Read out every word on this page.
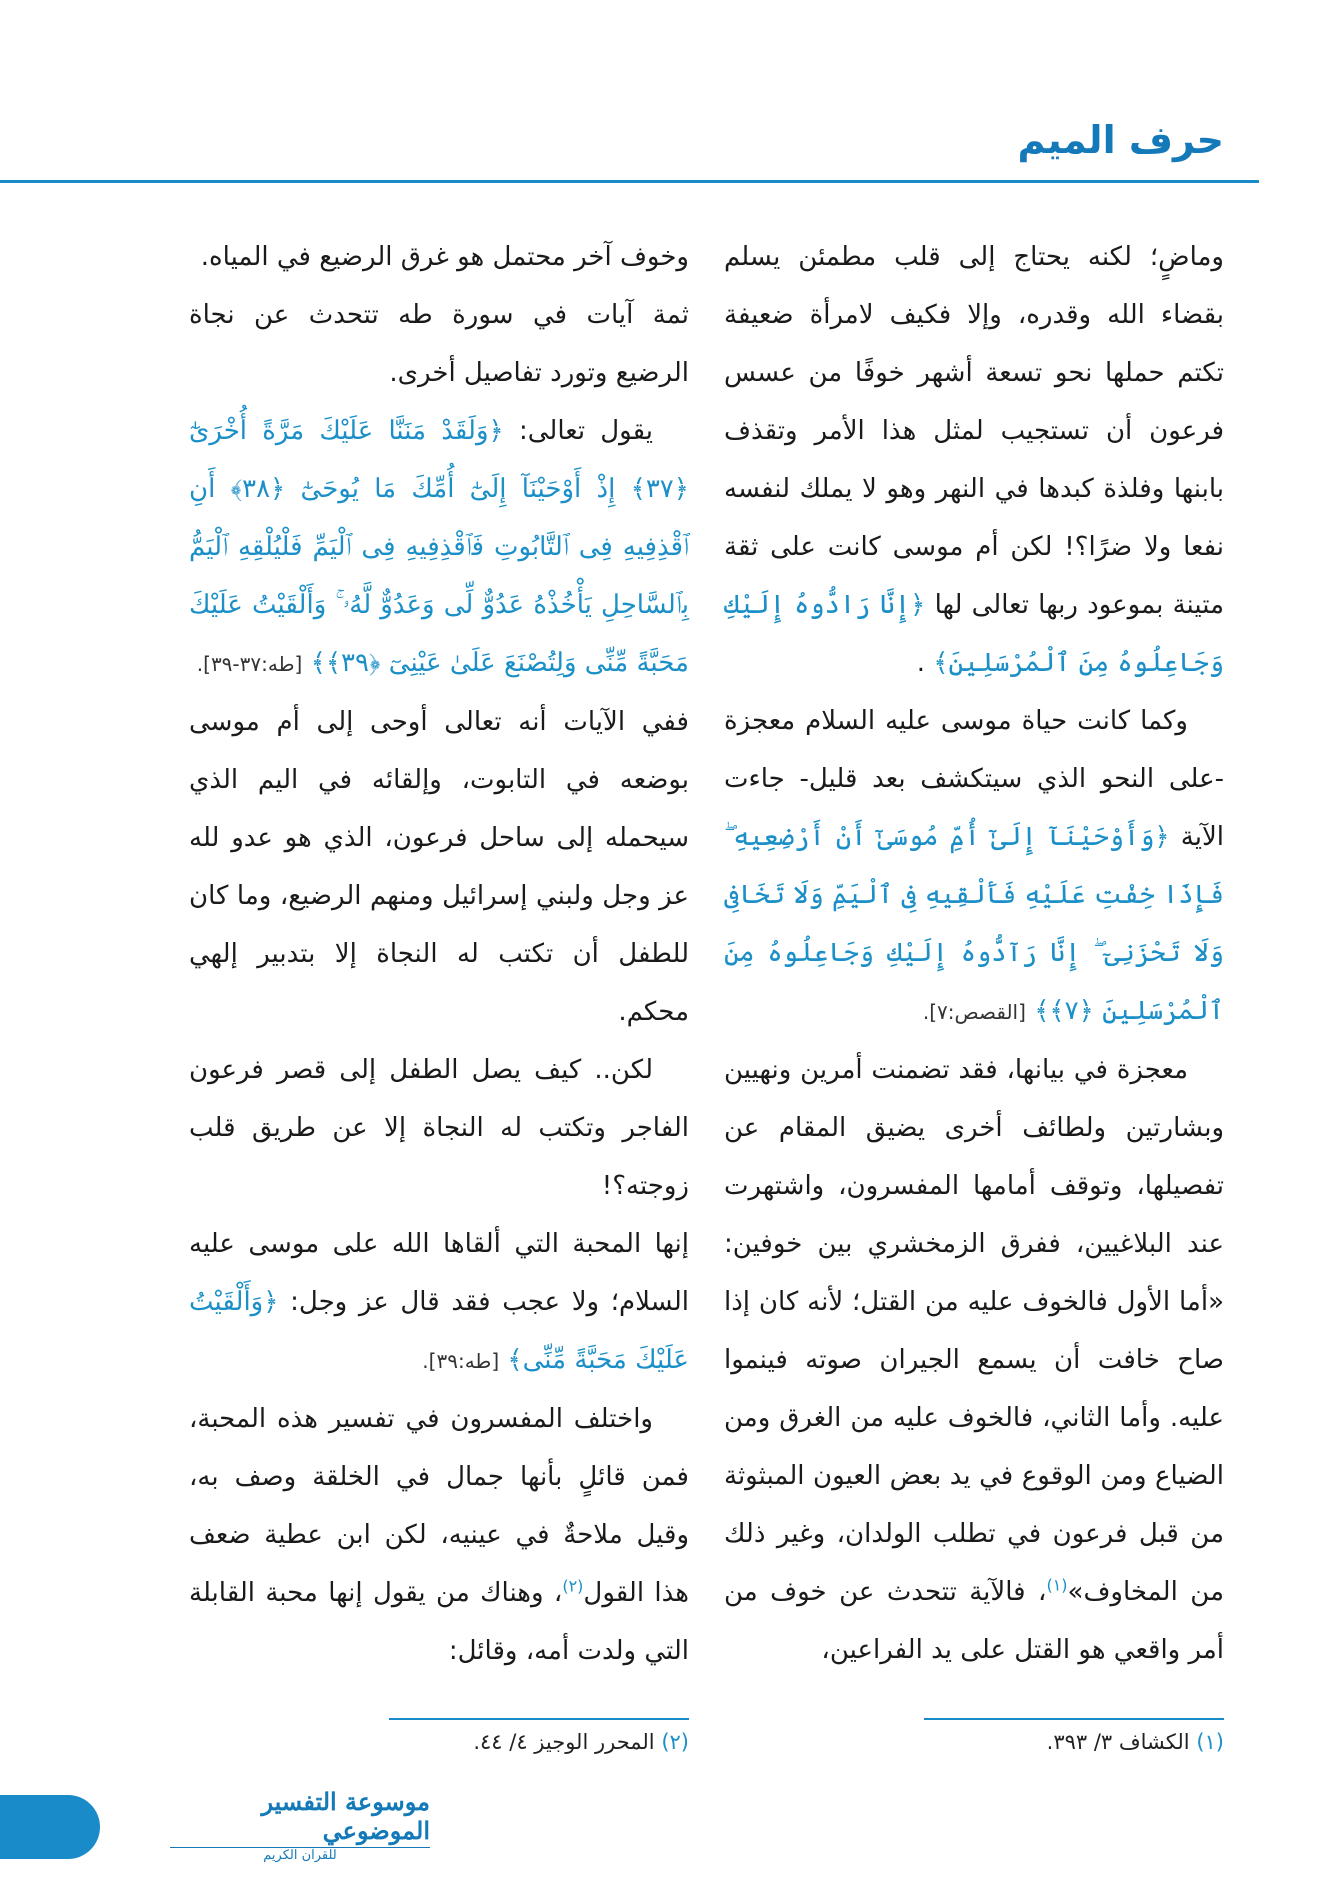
حرف الميم

وماضٍ؛ لكنه يحتاج إلى قلب مطمئن يسلم بقضاء الله وقدره، وإلا فكيف لامرأة ضعيفة تكتم حملها نحو تسعة أشهر خوفًا من عسس فرعون أن تستجيب لمثل هذا الأمر وتقذف بابنها وفلذة كبدها في النهر وهو لا يملك لنفسه نفعا ولا ضرًا؟! لكن أم موسى كانت على ثقة متينة بموعود ربها تعالى لها ﴿إِنَّا رَادُّوهُ إِلَيْكِ وَجَاعِلُوهُ مِنَ ٱلْمُرْسَلِينَ﴾ .

وكما كانت حياة موسى عليه السلام معجزة -على النحو الذي سيتكشف بعد قليل- جاءت الآية ﴿وَأَوْحَيْنَآ إِلَىٰٓ أُمِّ مُوسَىٰٓ أَنْ أَرْضِعِيهِ ۖ فَإِذَا خِفْتِ عَلَيْهِ فَأَلْقِيهِ فِى ٱلْيَمِّ وَلَا تَخَافِى وَلَا تَحْزَنِىٓ ۖ إِنَّا رَآدُّوهُ إِلَيْكِ وَجَاعِلُوهُ مِنَ ٱلْمُرْسَلِينَ ﴿٧﴾﴾ [القصص:٧].

معجزة في بيانها، فقد تضمنت أمرين ونهيين وبشارتين ولطائف أخرى يضيق المقام عن تفصيلها، وتوقف أمامها المفسرون، واشتهرت عند البلاغيين، ففرق الزمخشري بين خوفين: «أما الأول فالخوف عليه من القتل؛ لأنه كان إذا صاح خافت أن يسمع الجيران صوته فينموا عليه. وأما الثاني، فالخوف عليه من الغرق ومن الضياع ومن الوقوع في يد بعض العيون المبثوثة من قبل فرعون في تطلب الولدان، وغير ذلك من المخاوف»$^{(١)}$، فالآية تتحدث عن خوف من أمر واقعي هو القتل على يد الفراعين،

وخوف آخر محتمل هو غرق الرضيع في المياه.

ثمة آيات في سورة طه تتحدث عن نجاة الرضيع وتورد تفاصيل أخرى.

يقول تعالى: ﴿وَلَقَدْ مَنَنَّا عَلَيْكَ مَرَّةً أُخْرَىٰٓ ﴿٣٧﴾ إِذْ أَوْحَيْنَآ إِلَىٰٓ أُمِّكَ مَا يُوحَىٰٓ ﴿٣٨﴾ أَنِ ٱقْذِفِيهِ فِى ٱلتَّابُوتِ فَٱقْذِفِيهِ فِى ٱلْيَمِّ فَلْيُلْقِهِ ٱلْيَمُّ بِٱلسَّاحِلِ يَأْخُذْهُ عَدُوٌّ لِّى وَعَدُوٌّ لَّهُۥ ۚ وَأَلْقَيْتُ عَلَيْكَ مَحَبَّةً مِّنِّى وَلِتُصْنَعَ عَلَىٰ عَيْنِىٓ ﴿٣٩﴾﴾ [طه:٣٧-٣٩].

ففي الآيات أنه تعالى أوحى إلى أم موسى بوضعه في التابوت، وإلقائه في اليم الذي سيحمله إلى ساحل فرعون، الذي هو عدو لله عز وجل ولبني إسرائيل ومنهم الرضيع، وما كان للطفل أن تكتب له النجاة إلا بتدبير إلهي محكم.

لكن.. كيف يصل الطفل إلى قصر فرعون الفاجر وتكتب له النجاة إلا عن طريق قلب زوجته؟!

إنها المحبة التي ألقاها الله على موسى عليه السلام؛ ولا عجب فقد قال عز وجل: ﴿وَأَلْقَيْتُ عَلَيْكَ مَحَبَّةً مِّنِّى﴾ [طه:٣٩].

واختلف المفسرون في تفسير هذه المحبة، فمن قائلٍ بأنها جمال في الخلقة وصف به، وقيل ملاحةٌ في عينيه، لكن ابن عطية ضعف هذا القول$^{(٢)}$، وهناك من يقول إنها محبة القابلة التي ولدت أمه، وقائل:

(١) الكشاف ٣/ ٣٩٣.

(٢) المحرر الوجيز ٤/ ٤٤.

موسوعة التفسير الموضوعي
للقرآن الكريم
